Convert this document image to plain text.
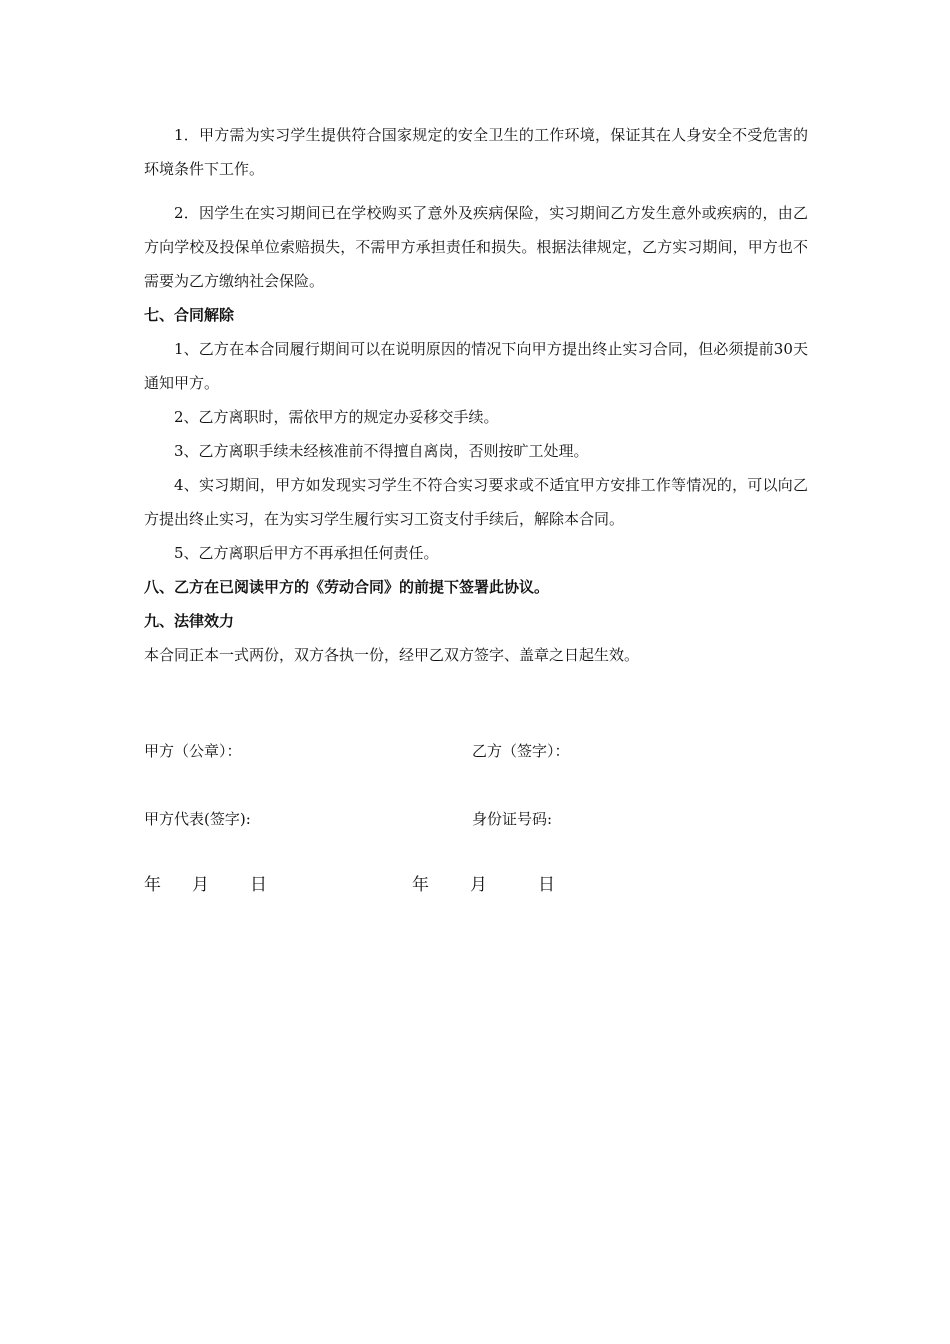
1．甲方需为实习学生提供符合国家规定的安全卫生的工作环境，保证其在人身安全不受危害的环境条件下工作。

2．因学生在实习期间已在学校购买了意外及疾病保险，实习期间乙方发生意外或疾病的，由乙方向学校及投保单位索赔损失，不需甲方承担责任和损失。根据法律规定，乙方实习期间，甲方也不需要为乙方缴纳社会保险。

七、合同解除

1、乙方在本合同履行期间可以在说明原因的情况下向甲方提出终止实习合同，但必须提前30天通知甲方。

2、乙方离职时，需依甲方的规定办妥移交手续。

3、乙方离职手续未经核准前不得擅自离岗，否则按旷工处理。

4、实习期间，甲方如发现实习学生不符合实习要求或不适宜甲方安排工作等情况的，可以向乙方提出终止实习，在为实习学生履行实习工资支付手续后，解除本合同。

5、乙方离职后甲方不再承担任何责任。

八、乙方在已阅读甲方的《劳动合同》的前提下签署此协议。

九、法律效力

本合同正本一式两份，双方各执一份，经甲乙双方签字、盖章之日起生效。

甲方（公章）：	乙方（签字）：
甲方代表(签字):	身份证号码:
年 月 日	年 月	日
